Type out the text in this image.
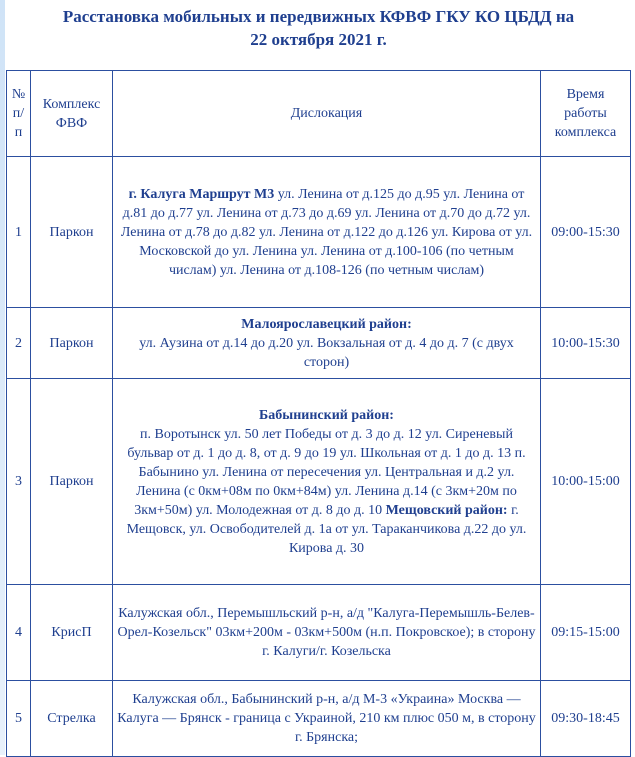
Расстановка мобильных и передвижных КФВФ ГКУ КО ЦБДД на
22 октября 2021 г.
№ п/п	Комплекс ФВФ	Дислокация	Время работы комплекса
1	Паркон	г. Калуга Маршрут М3 ул. Ленина от д.125 до д.95 ул. Ленина от д.81 до д.77 ул. Ленина от д.73 до д.69 ул. Ленина от д.70 до д.72 ул. Ленина от д.78 до д.82 ул. Ленина от д.122 до д.126 ул. Кирова от ул. Московской до ул. Ленина ул. Ленина от д.100-106 (по четным числам) ул. Ленина от д.108-126 (по четным числам)	09:00-15:30
2	Паркон	Малоярославецкий район:
ул. Аузина от д.14 до д.20 ул. Вокзальная от д. 4 до д. 7 (с двух сторон)	10:00-15:30
3	Паркон	Бабынинский район:
п. Воротынск ул. 50 лет Победы от д. 3 до д. 12 ул. Сиреневый бульвар от д. 1 до д. 8, от д. 9 до 19 ул. Школьная от д. 1 до д. 13 п. Бабынино ул. Ленина от пересечения ул. Центральная и д.2 ул. Ленина (с 0км+08м по 0км+84м) ул. Ленина д.14 (с 3км+20м по 3км+50м) ул. Молодежная от д. 8 до д. 10 Мещовский район: г. Мещовск, ул. Освободителей д. 1а от ул. Тараканчикова д.22 до ул. Кирова д. 30	10:00-15:00
4	КрисП	Калужская обл., Перемышльский р-н, а/д "Калуга-Перемышль-Белев-Орел-Козельск" 03км+200м - 03км+500м (н.п. Покровское); в сторону г. Калуги/г. Козельска	09:15-15:00
5	Стрелка	Калужская обл., Бабынинский р-н, а/д М-3 «Украина» Москва — Калуга — Брянск - граница с Украиной, 210 км плюс 050 м, в сторону г. Брянска;	09:30-18:45
